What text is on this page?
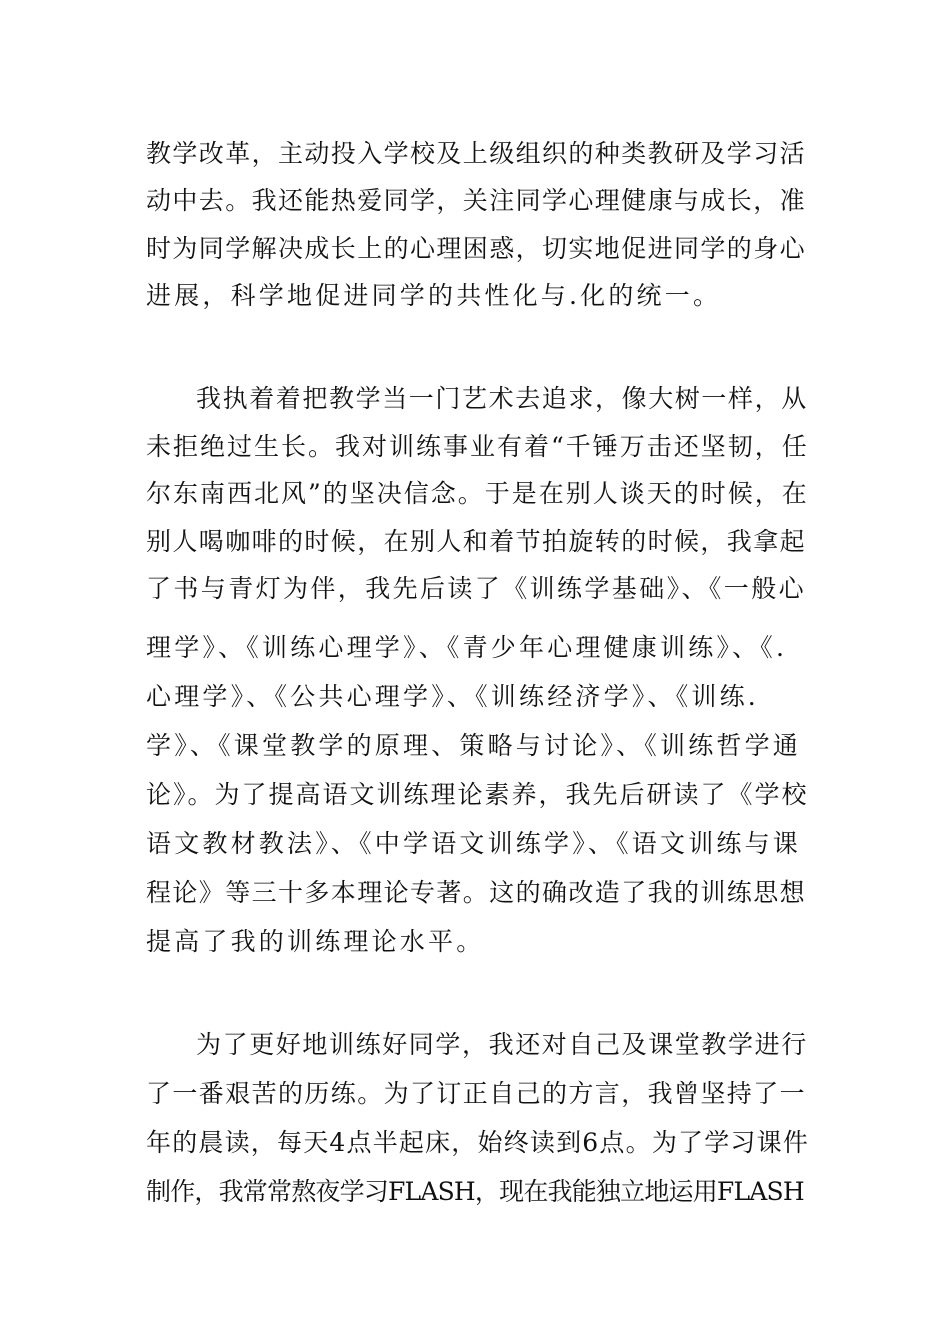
教学改革，主动投入学校及上级组织的种类教研及学习活
动中去。我还能热爱同学，关注同学心理健康与成长，准
时为同学解决成长上的心理困惑，切实地促进同学的身心
进展，科学地促进同学的共性化与.化的统一。
我执着着把教学当一门艺术去追求，像大树一样，从
未拒绝过生长。我对训练事业有着“千锤万击还坚韧，任
尔东南西北风”的坚决信念。于是在别人谈天的时候，在
别人喝咖啡的时候，在别人和着节拍旋转的时候，我拿起
了书与青灯为伴，我先后读了《训练学基础》、《一般心
理学》、《训练心理学》、《青少年心理健康训练》、《.
心理学》、《公共心理学》、《训练经济学》、《训练.
学》、《课堂教学的原理、策略与讨论》、《训练哲学通
论》。为了提高语文训练理论素养，我先后研读了《学校
语文教材教法》、《中学语文训练学》、《语文训练与课
程论》等三十多本理论专著。这的确改造了我的训练思想
提高了我的训练理论水平。
为了更好地训练好同学，我还对自己及课堂教学进行
了一番艰苦的历练。为了订正自己的方言，我曾坚持了一
年的晨读，每天4点半起床，始终读到6点。为了学习课件
制作，我常常熬夜学习FLASH，现在我能独立地运用FLASH
